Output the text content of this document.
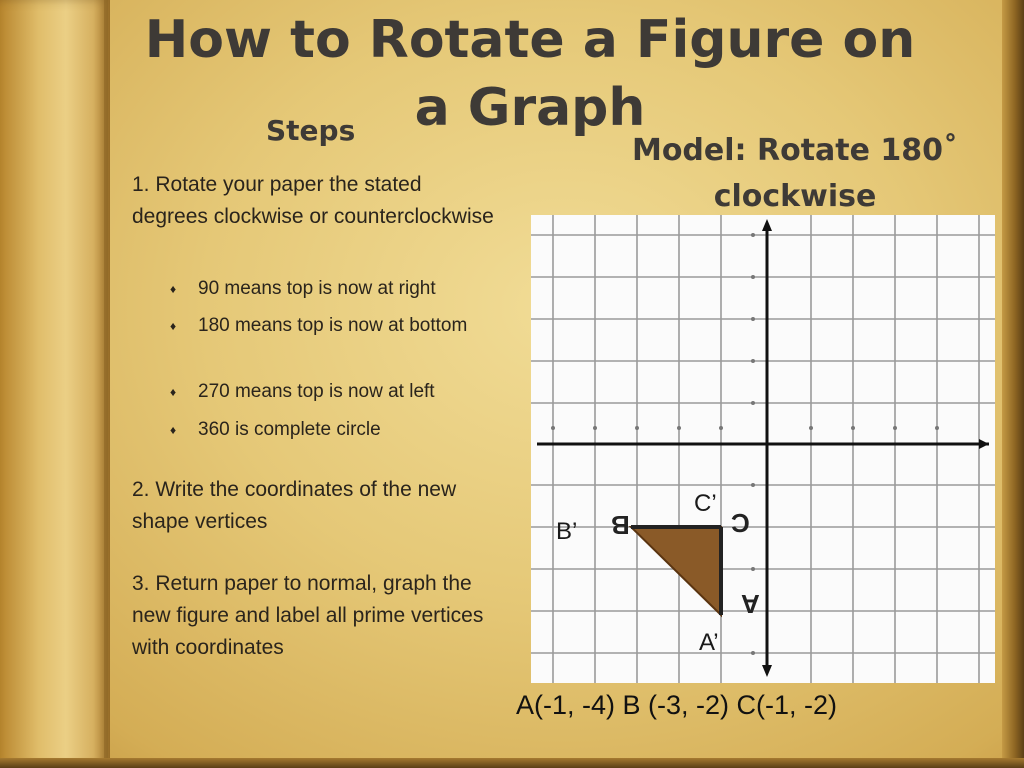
How to Rotate a Figure on a Graph
Steps
Model: Rotate 180˚ clockwise
1. Rotate your paper the stated degrees clockwise or counterclockwise
♦ 90 means top is now at right
♦ 180 means top is now at bottom
♦ 270 means top is now at left
♦ 360 is complete circle
2. Write the coordinates of the new shape vertices
3. Return paper to normal, graph the new figure and label all prime vertices with coordinates
B	C
A
C’
B’
A’
A(-1, -4) B (-3, -2) C(-1, -2)
